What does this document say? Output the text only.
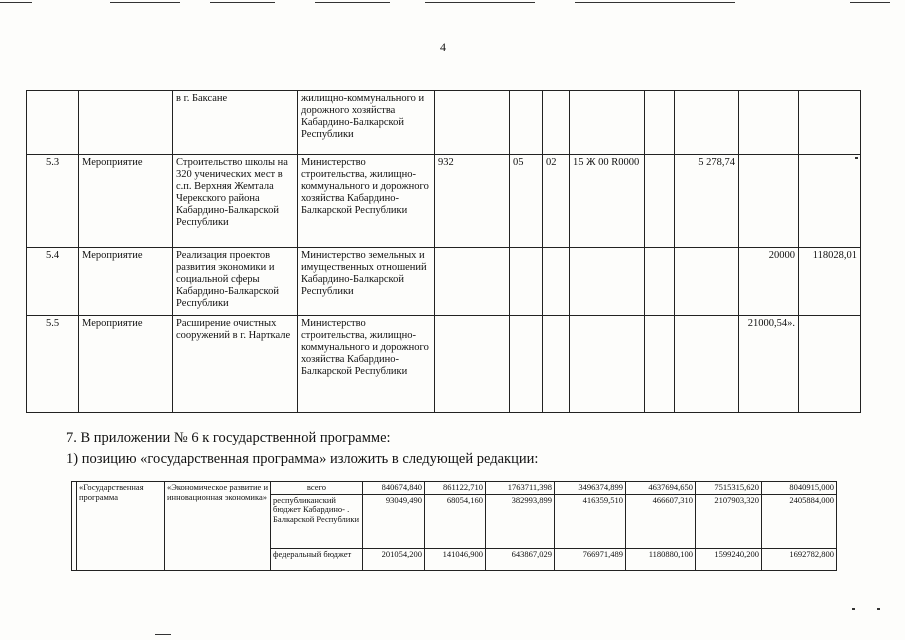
4
		в г. Баксане	жилищно-коммунального и дорожного хозяйства Кабардино-Балкарской Республики								
5.3	Мероприятие	Строительство школы на 320 ученических мест в с.п. Верхняя Жемтала Черекского района Кабардино-Балкарской Республики	Министерство строительства, жилищно-коммунального и дорожного хозяйства Кабардино-Балкарской Республики	932	05	02	15 Ж 00 R0000		5 278,74		
5.4	Мероприятие	Реализация проектов развития экономики и социальной сферы Кабардино-Балкарской Республики	Министерство земельных и имущественных отношений Кабардино-Балкарской Республики							20000	118028,01
5.5	Мероприятие	Расширение очистных сооружений в г. Нарткале	Министерство строительства, жилищно-коммунального и дорожного хозяйства Кабардино-Балкарской Республики							21000,54».	
7. В приложении № 6 к государственной программе:
1) позицию «государственная программа» изложить в следующей редакции:
	«Государственная программа	«Экономическое развитие и инновационная экономика»	всего	840674,840	861122,710	1763711,398	3496374,899	4637694,650	7515315,620	8040915,000
			республиканский бюджет Кабардино- . Балкарской Республики	93049,490	68054,160	382993,899	416359,510	466607,310	2107903,320	2405884,000
			федеральный бюджет	201054,200	141046,900	643867,029	766971,489	1180880,100	1599240,200	1692782,800
